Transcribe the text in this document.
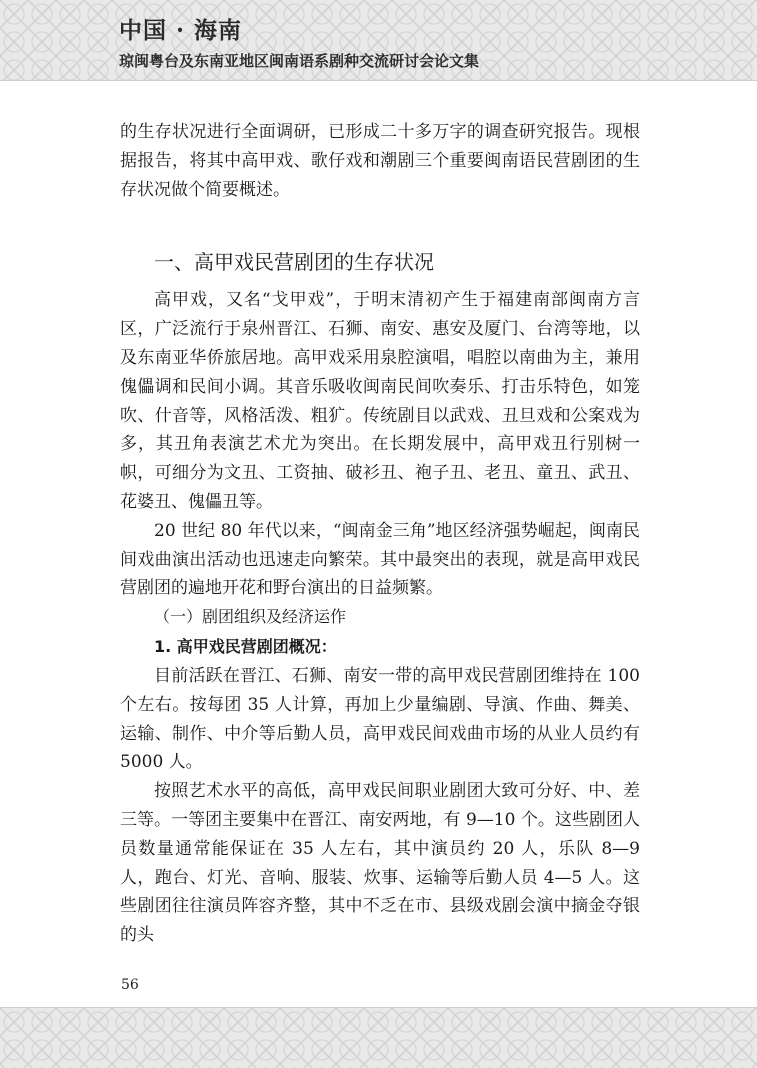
中国 · 海南
琼闽粤台及东南亚地区闽南语系剧种交流研讨会论文集

的生存状况进行全面调研，已形成二十多万字的调查研究报告。现根据报告，将其中高甲戏、歌仔戏和潮剧三个重要闽南语民营剧团的生存状况做个简要概述。

一、高甲戏民营剧团的生存状况

高甲戏，又名“戈甲戏”，于明末清初产生于福建南部闽南方言区，广泛流行于泉州晋江、石狮、南安、惠安及厦门、台湾等地，以及东南亚华侨旅居地。高甲戏采用泉腔演唱，唱腔以南曲为主，兼用傀儡调和民间小调。其音乐吸收闽南民间吹奏乐、打击乐特色，如笼吹、什音等，风格活泼、粗犷。传统剧目以武戏、丑旦戏和公案戏为多，其丑角表演艺术尤为突出。在长期发展中，高甲戏丑行别树一帜，可细分为文丑、工资抽、破衫丑、袍子丑、老丑、童丑、武丑、花婆丑、傀儡丑等。

20 世纪 80 年代以来，“闽南金三角”地区经济强势崛起，闽南民间戏曲演出活动也迅速走向繁荣。其中最突出的表现，就是高甲戏民营剧团的遍地开花和野台演出的日益频繁。

（一）剧团组织及经济运作
1. 高甲戏民营剧团概况：

目前活跃在晋江、石狮、南安一带的高甲戏民营剧团维持在 100 个左右。按每团 35 人计算，再加上少量编剧、导演、作曲、舞美、运输、制作、中介等后勤人员，高甲戏民间戏曲市场的从业人员约有 5000 人。

按照艺术水平的高低，高甲戏民间职业剧团大致可分好、中、差三等。一等团主要集中在晋江、南安两地，有 9—10 个。这些剧团人员数量通常能保证在 35 人左右，其中演员约 20 人，乐队 8—9 人，跑台、灯光、音响、服装、炊事、运输等后勤人员 4—5 人。这些剧团往往演员阵容齐整，其中不乏在市、县级戏剧会演中摘金夺银的头

56
